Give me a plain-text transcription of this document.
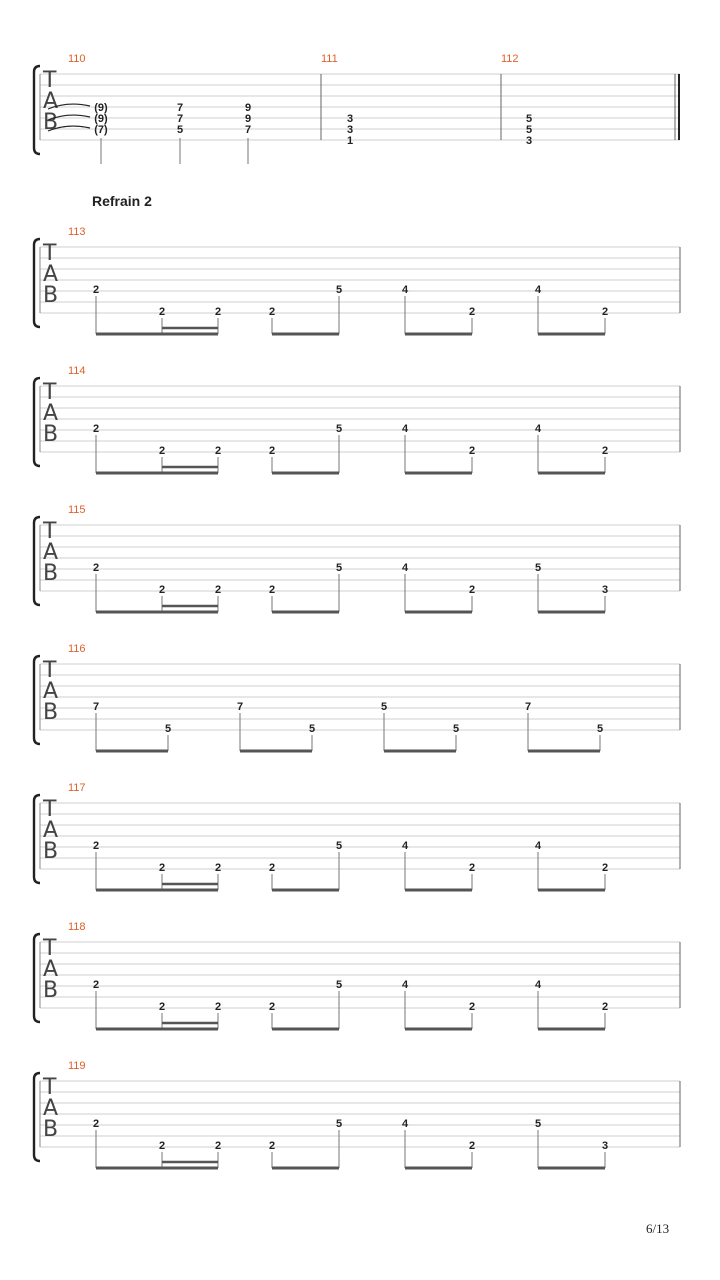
T
A
B
110	111	112
(9)
(9)
(7)
7
7
5
9
9
7
3
3
1
5
5
3
T
A
B
113
2
2	2	2
5	4
2
4
2
T
A
B
114
2
2	2	2
5	4
2
4
2
T
A
B
115
2
2	2	2
5	4
2
5
3
T
A
B
116
7
5
7
5
5
5
7
5
T
A
B
117
2
2	2	2
5	4
2
4
2
T
A
B
118
2
2	2	2
5	4
2
4
2
T
A
B
119
2
2	2	2
5	4
2
5
3
Refrain 2
6/13
